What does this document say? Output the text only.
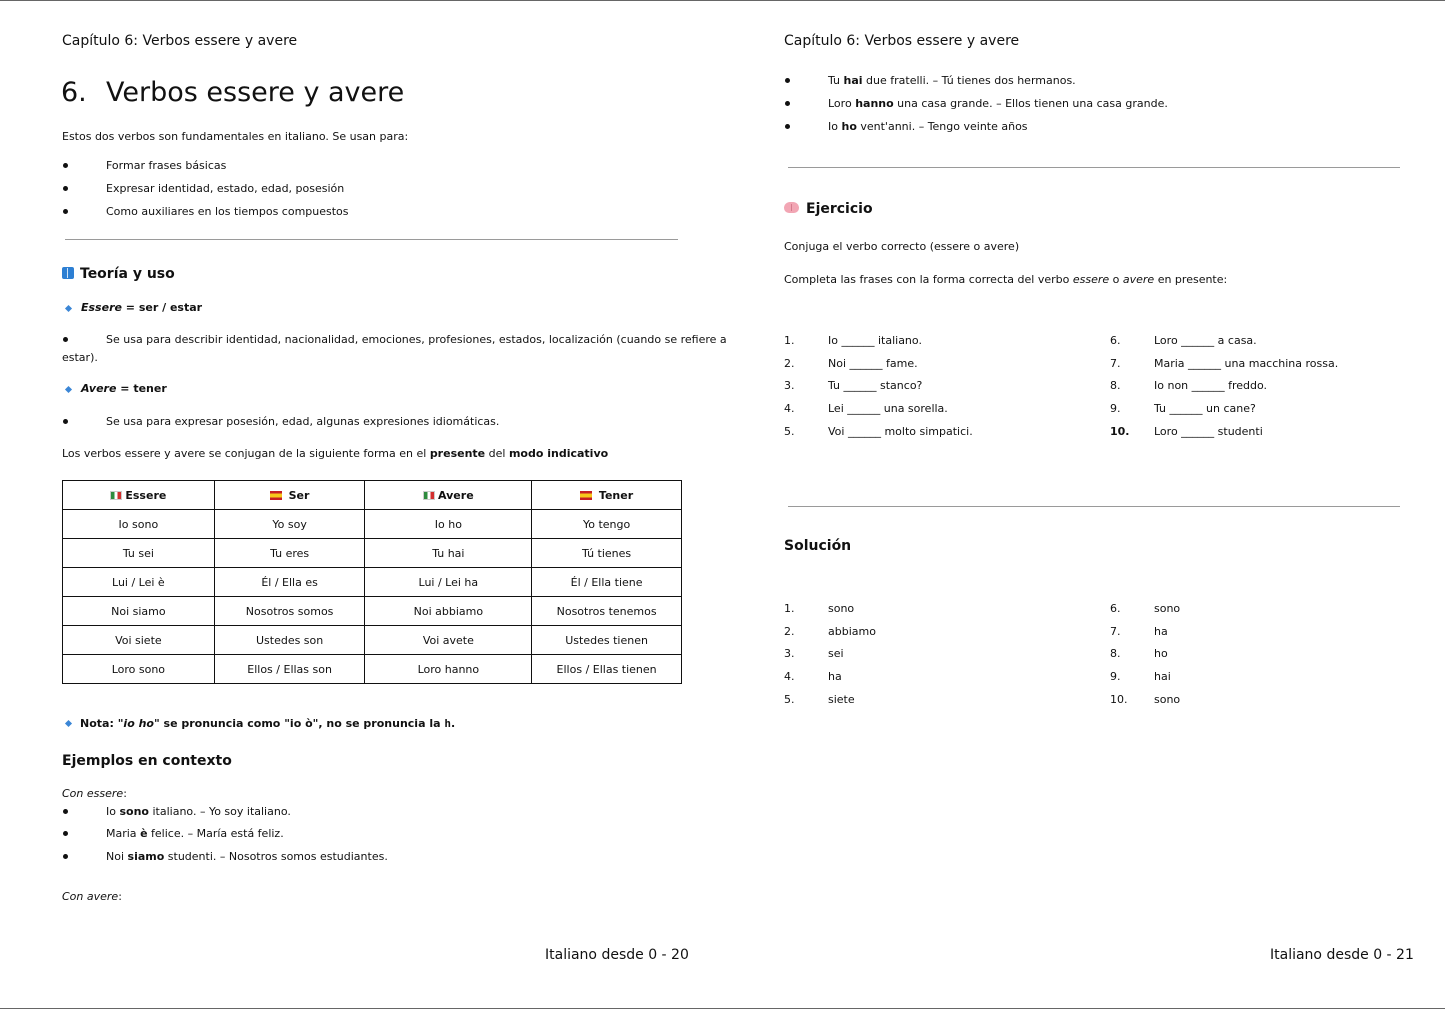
Capítulo 6: Verbos essere y avere
6. Verbos essere y avere
Estos dos verbos son fundamentales en italiano. Se usan para:
Formar frases básicas
Expresar identidad, estado, edad, posesión
Como auxiliares en los tiempos compuestos
Teoría y uso
Essere = ser / estar
Se usa para describir identidad, nacionalidad, emociones, profesiones, estados, localización (cuando se refiere a
estar).
Avere = tener
Se usa para expresar posesión, edad, algunas expresiones idiomáticas.
Los verbos essere y avere se conjugan de la siguiente forma en el presente del modo indicativo
Essere	Ser	Avere	Tener
Io sono	Yo soy	Io ho	Yo tengo
Tu sei	Tu eres	Tu hai	Tú tienes
Lui / Lei è	Él / Ella es	Lui / Lei ha	Él / Ella tiene
Noi siamo	Nosotros somos	Noi abbiamo	Nosotros tenemos
Voi siete	Ustedes son	Voi avete	Ustedes tienen
Loro sono	Ellos / Ellas son	Loro hanno	Ellos / Ellas tienen
Nota: "io ho" se pronuncia como "io ò", no se pronuncia la h.
Ejemplos en contexto
Con essere:
Io sono italiano. – Yo soy italiano.
Maria è felice. – María está feliz.
Noi siamo studenti. – Nosotros somos estudiantes.
Con avere:
Italiano desde 0 - 20
Capítulo 6: Verbos essere y avere
Tu hai due fratelli. – Tú tienes dos hermanos.
Loro hanno una casa grande. – Ellos tienen una casa grande.
Io ho vent'anni. – Tengo veinte años
Ejercicio
Conjuga el verbo correcto (essere o avere)
Completa las frases con la forma correcta del verbo essere o avere en presente:
1.	Io ______ italiano.
2.	Noi ______ fame.
3.	Tu ______ stanco?
4.	Lei ______ una sorella.
5.	Voi ______ molto simpatici.
6.	Loro ______ a casa.
7.	Maria ______ una macchina rossa.
8.	Io non ______ freddo.
9.	Tu ______ un cane?
10. Loro ______ studenti
Solución
1.	sono
2.	abbiamo
3.	sei
4.	ha
5.	siete
6.	sono
7.	ha
8.	ho
9.	hai
10. sono
Italiano desde 0 - 21
